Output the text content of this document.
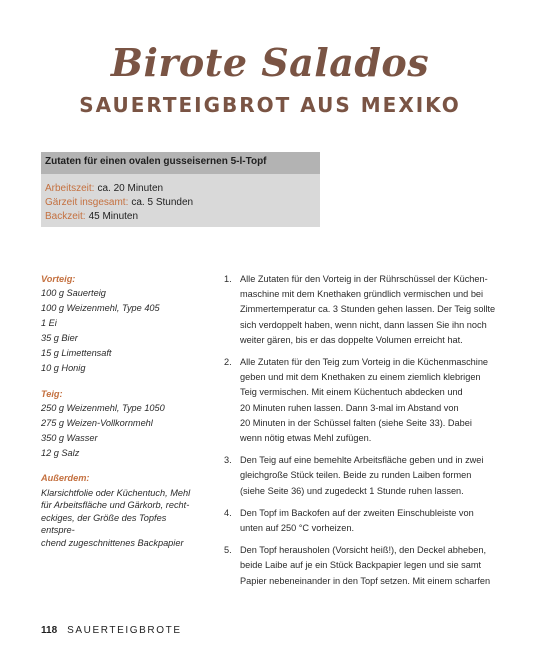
Birote Salados
SAUERTEIGBROT AUS MEXIKO
Zutaten für einen ovalen gusseisernen 5-l-Topf
Arbeitszeit: ca. 20 Minuten
Gärzeit insgesamt: ca. 5 Stunden
Backzeit: 45 Minuten
Vorteig:
100 g Sauerteig
100 g Weizenmehl, Type 405
1 Ei
35 g Bier
15 g Limettensaft
10 g Honig
Teig:
250 g Weizenmehl, Type 1050
275 g Weizen-Vollkornmehl
350 g Wasser
12 g Salz
Außerdem:
Klarsichtfolie oder Küchentuch, Mehl
für Arbeitsfläche und Gärkorb, recht-
eckiges, der Größe des Topfes entspre-
chend zugeschnittenes Backpapier
1. Alle Zutaten für den Vorteig in der Rührschüssel der Küchen-
maschine mit dem Knethaken gründlich vermischen und bei
Zimmertemperatur ca. 3 Stunden gehen lassen. Der Teig sollte
sich verdoppelt haben, wenn nicht, dann lassen Sie ihn noch
weiter gären, bis er das doppelte Volumen erreicht hat.
2. Alle Zutaten für den Teig zum Vorteig in die Küchenmaschine
geben und mit dem Knethaken zu einem ziemlich klebrigen
Teig vermischen. Mit einem Küchentuch abdecken und
20 Minuten ruhen lassen. Dann 3-mal im Abstand von
20 Minuten in der Schüssel falten (siehe Seite 33). Dabei
wenn nötig etwas Mehl zufügen.
3. Den Teig auf eine bemehlte Arbeitsfläche geben und in zwei
gleichgroße Stück teilen. Beide zu runden Laiben formen
(siehe Seite 36) und zugedeckt 1 Stunde ruhen lassen.
4. Den Topf im Backofen auf der zweiten Einschubleiste von
unten auf 250 °C vorheizen.
5. Den Topf herausholen (Vorsicht heiß!), den Deckel abheben,
beide Laibe auf je ein Stück Backpapier legen und sie samt
Papier nebeneinander in den Topf setzen. Mit einem scharfen
118 SAUERTEIGBROTE
